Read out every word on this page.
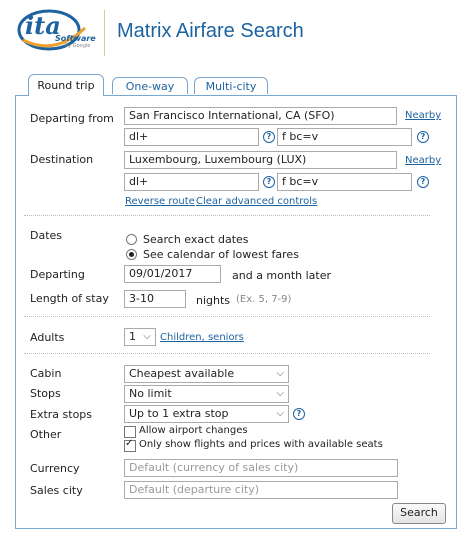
ita
Software
by Google
Matrix Airfare Search
Round trip	One-way	Multi-city
Departing from	San Francisco International, CA (SFO)	Nearby
dl+	? f bc=v	?
Destination	Luxembourg, Luxembourg (LUX)	Nearby
dl+	? f bc=v	?
Reverse route Clear advanced controls
Dates	Search exact dates
See calendar of lowest fares
Departing	09/01/2017	and a month later
Length of stay	3-10	nights (Ex. 5, 7-9)
Adults	1 ⌵ Children, seniors
Cabin	Cheapest available	⌵
Stops	No limit	⌵
Extra stops	Up to 1 extra stop	⌵	?
Other	Allow airport changes
✓
Only show flights and prices with available seats
Currency	Default (currency of sales city)
Sales city	Default (departure city)
Search
